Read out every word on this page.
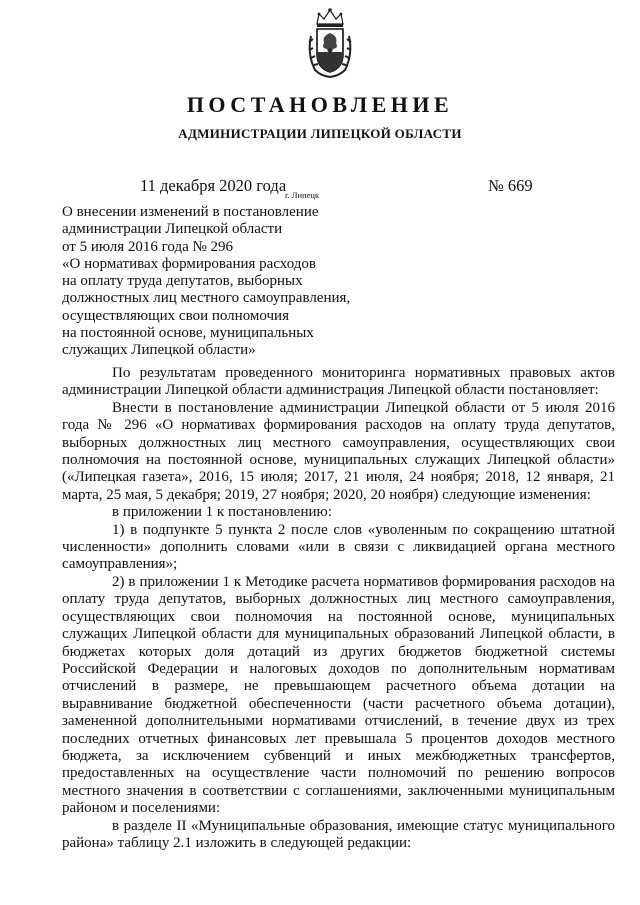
ПОСТАНОВЛЕНИЕ
АДМИНИСТРАЦИИ ЛИПЕЦКОЙ ОБЛАСТИ
11 декабря 2020 года
г. Липецк	№ 669
О внесении изменений в постановление
администрации Липецкой области
от 5 июля 2016 года № 296
«О нормативах формирования расходов
на оплату труда депутатов, выборных
должностных лиц местного самоуправления,
осуществляющих свои полномочия
на постоянной основе, муниципальных
служащих Липецкой области»
По результатам проведенного мониторинга нормативных правовых актов
администрации Липецкой области администрация Липецкой области постановляет:
Внести в постановление администрации Липецкой области от 5 июля 2016
года № 296 «О нормативах формирования расходов на оплату труда депутатов,
выборных должностных лиц местного самоуправления, осуществляющих свои
полномочия на постоянной основе, муниципальных служащих Липецкой области»
(«Липецкая газета», 2016, 15 июля; 2017, 21 июля, 24 ноября; 2018, 12 января, 21
марта, 25 мая, 5 декабря; 2019, 27 ноября; 2020, 20 ноября) следующие изменения:
в приложении 1 к постановлению:
1) в подпункте 5 пункта 2 после слов «уволенным по сокращению штатной
численности» дополнить словами «или в связи с ликвидацией органа местного
самоуправления»;
2) в приложении 1 к Методике расчета нормативов формирования расходов на
оплату труда депутатов, выборных должностных лиц местного самоуправления,
осуществляющих свои полномочия на постоянной основе, муниципальных
служащих Липецкой области для муниципальных образований Липецкой области, в
бюджетах которых доля дотаций из других бюджетов бюджетной системы
Российской Федерации и налоговых доходов по дополнительным нормативам
отчислений в размере, не превышающем расчетного объема дотации на
выравнивание бюджетной обеспеченности (части расчетного объема дотации),
замененной дополнительными нормативами отчислений, в течение двух из трех
последних отчетных финансовых лет превышала 5 процентов доходов местного
бюджета, за исключением субвенций и иных межбюджетных трансфертов,
предоставленных на осуществление части полномочий по решению вопросов
местного значения в соответствии с соглашениями, заключенными муниципальным
районом и поселениями:
в разделе II «Муниципальные образования, имеющие статус муниципального
района» таблицу 2.1 изложить в следующей редакции:
